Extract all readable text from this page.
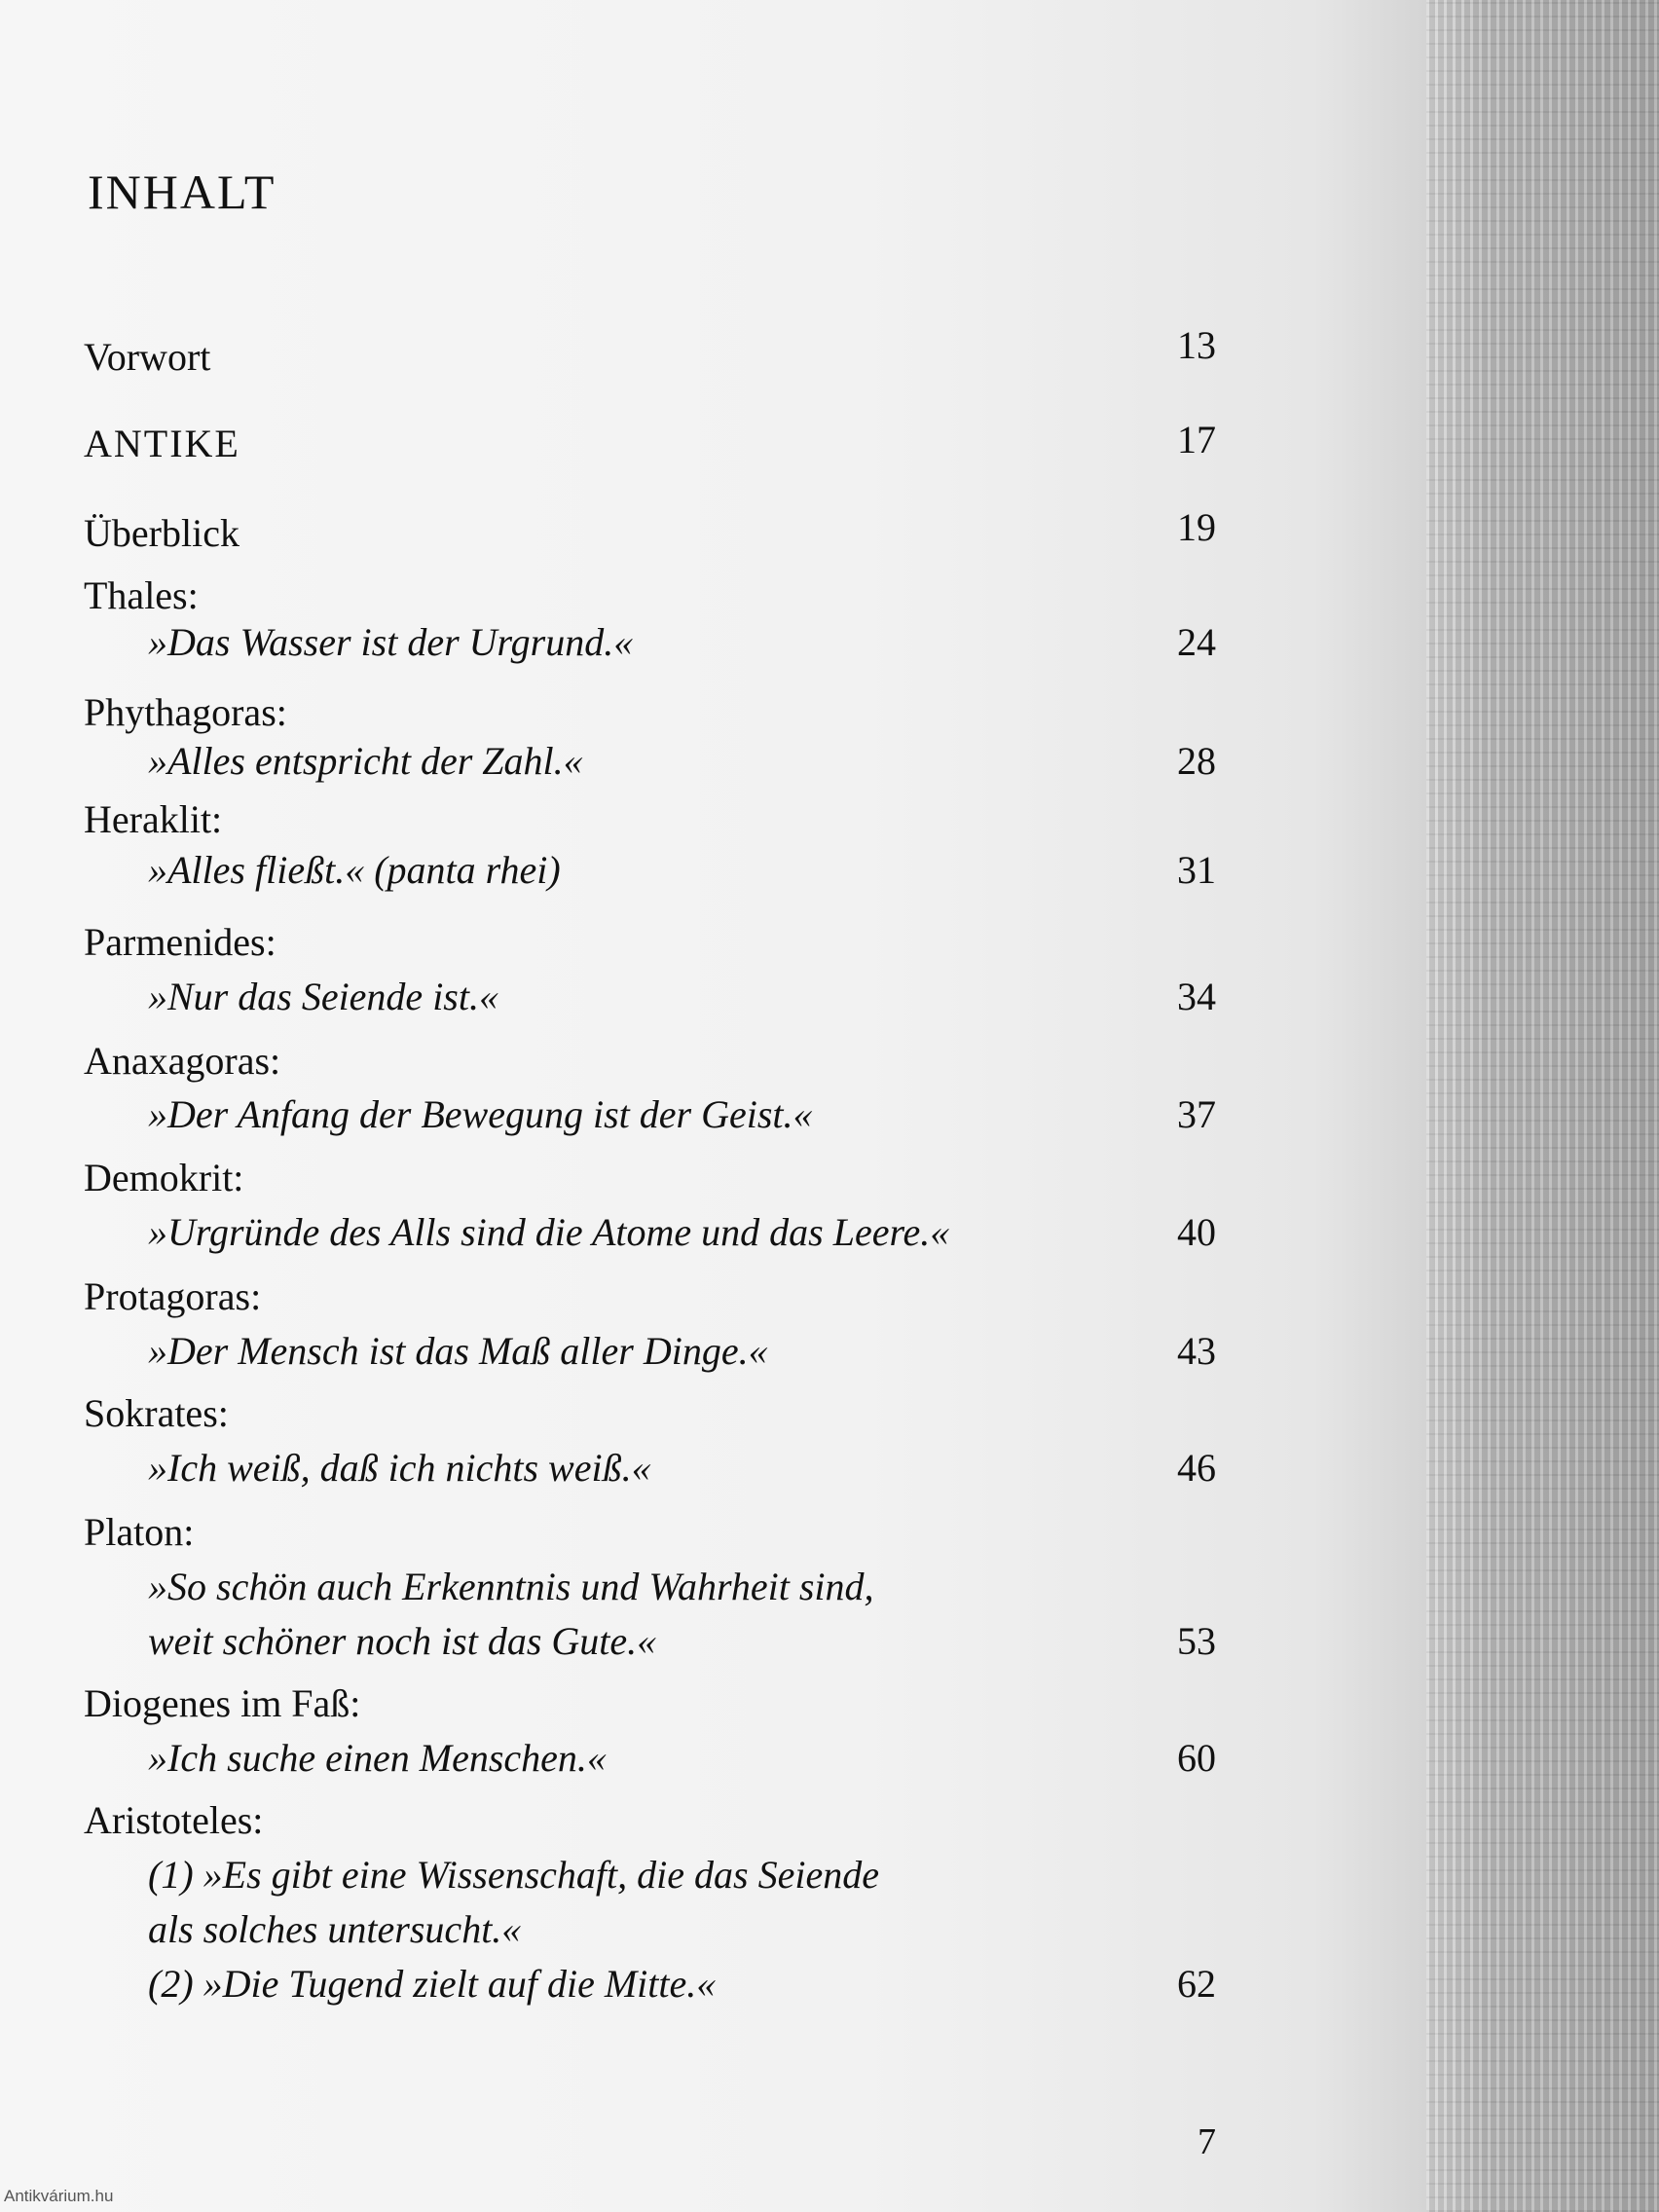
INHALT
Vorwort	13
ANTIKE	17
Überblick	19
Thales:
»Das Wasser ist der Urgrund.«	24
Phythagoras:
»Alles entspricht der Zahl.«	28
Heraklit:
»Alles fließt.« (panta rhei)	31
Parmenides:
»Nur das Seiende ist.«	34
Anaxagoras:
»Der Anfang der Bewegung ist der Geist.«	37
Demokrit:
»Urgründe des Alls sind die Atome und das Leere.«	40
Protagoras:
»Der Mensch ist das Maß aller Dinge.«	43
Sokrates:
»Ich weiß, daß ich nichts weiß.«	46
Platon:
»So schön auch Erkenntnis und Wahrheit sind,
weit schöner noch ist das Gute.«	53
Diogenes im Faß:
»Ich suche einen Menschen.«	60
Aristoteles:
(1) »Es gibt eine Wissenschaft, die das Seiende
als solches untersucht.«
(2) »Die Tugend zielt auf die Mitte.«	62
7
Antikvárium.hu
